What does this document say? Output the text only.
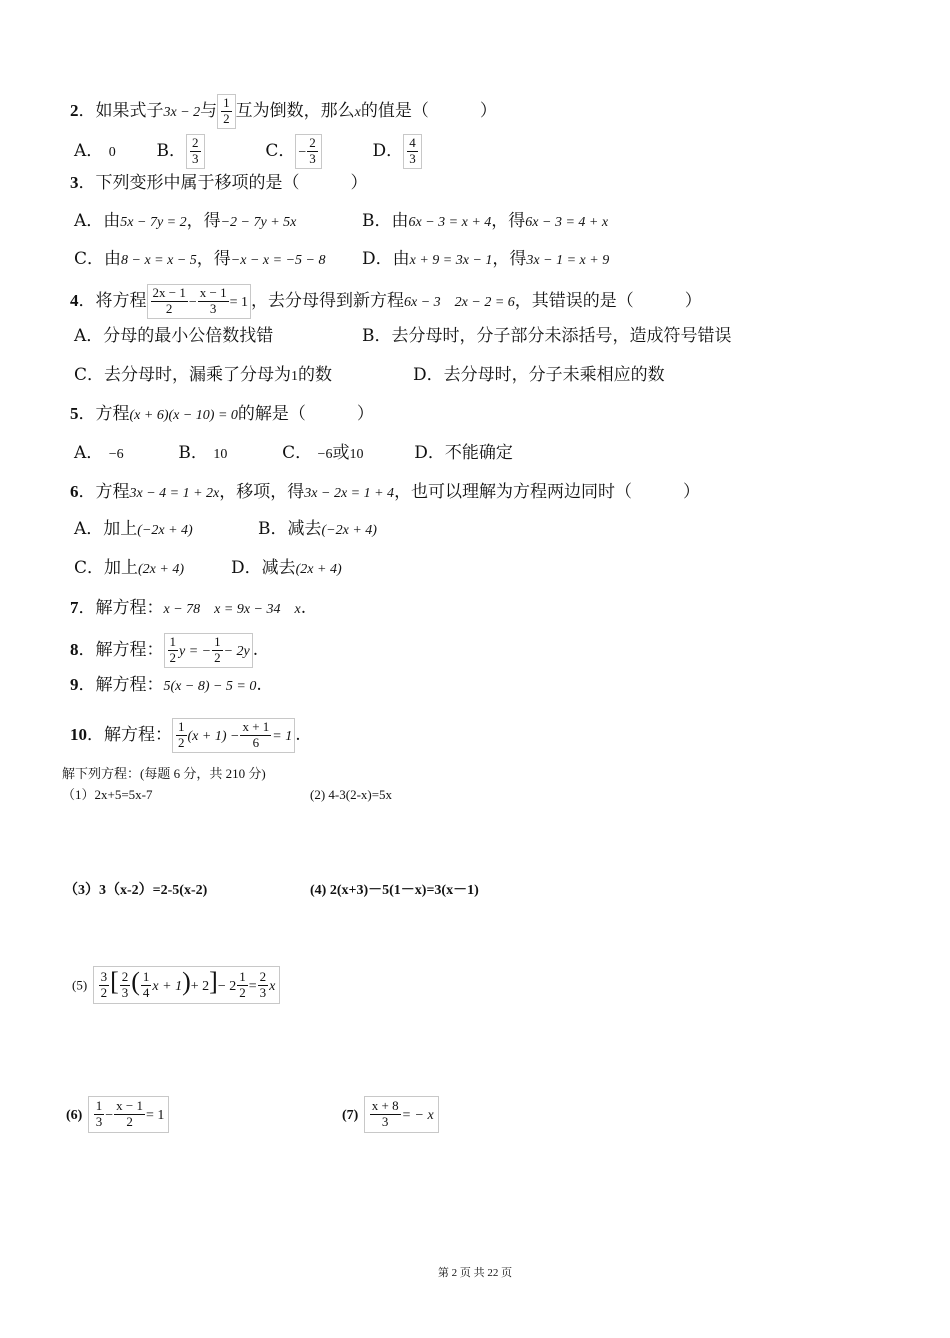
2．如果式子3x − 2与 $\frac{1}{2}$ 互为倒数，那么x的值是（　　　）
A． 0 B． $\frac{2}{3}$	C． − $\frac{2}{3}$	D． $\frac{4}{3}$
3．下列变形中属于移项的是（　　　）
A．由5x − 7y = 2，得−2 − 7y + 5x	B．由6x − 3 = x + 4，得6x − 3 = 4 + x
C．由8 − x = x − 5，得−x − x = −5 − 8 D．由x + 9 = 3x − 1，得3x − 1 = x + 9
4．将方程 $\frac{2x - 1}{2} - \frac{x - 1}{3} = 1$ ，去分母得到新方程6x − 3　2x − 2 = 6，其错误的是（　　　）
A．分母的最小公倍数找错	B．去分母时，分子部分未添括号，造成符号错误
C．去分母时，漏乘了分母为1的数	D．去分母时，分子未乘相应的数
5．方程(x + 6)(x − 10) = 0的解是（　　　）
A． −6	B． 10	C． −6或10	D．不能确定
6．方程3x − 4 = 1 + 2x，移项，得3x − 2x = 1 + 4，也可以理解为方程两边同时（　　　）
A．加上(−2x + 4)	B．减去(−2x + 4)
C．加上(2x + 4)	D．减去(2x + 4)
7．解方程：x − 78　x = 9x − 34　x.
8．解方程： $\frac{1}{2}$ y = − $\frac{1}{2} - 2y$ .
9．解方程：5(x − 8) − 5 = 0.
10．解方程： $\frac{1}{2} (x + 1) - \frac{x + 1}{6} = 1$ .
解下列方程：(每题 6 分，共 210 分)
（1）2x+5=5x-7	(2) 4-3(2-x)=5x
（3）3（x-2）=2-5(x-2)	(4) 2(x+3)－5(1－x)=3(x－1)
$(5) \frac{3}{2}$ [ $\frac{2}{3}$ ( $\frac{1}{4}$ $x + 1)+ 2]- 2 \frac{1}{2} = \frac{2}{3}$ x
$(6) \frac{1}{3} - \frac{x - 1}{2} = 1$	$(7) \frac{x + 8}{3}$ = − x
第 2 页 共 22 页
